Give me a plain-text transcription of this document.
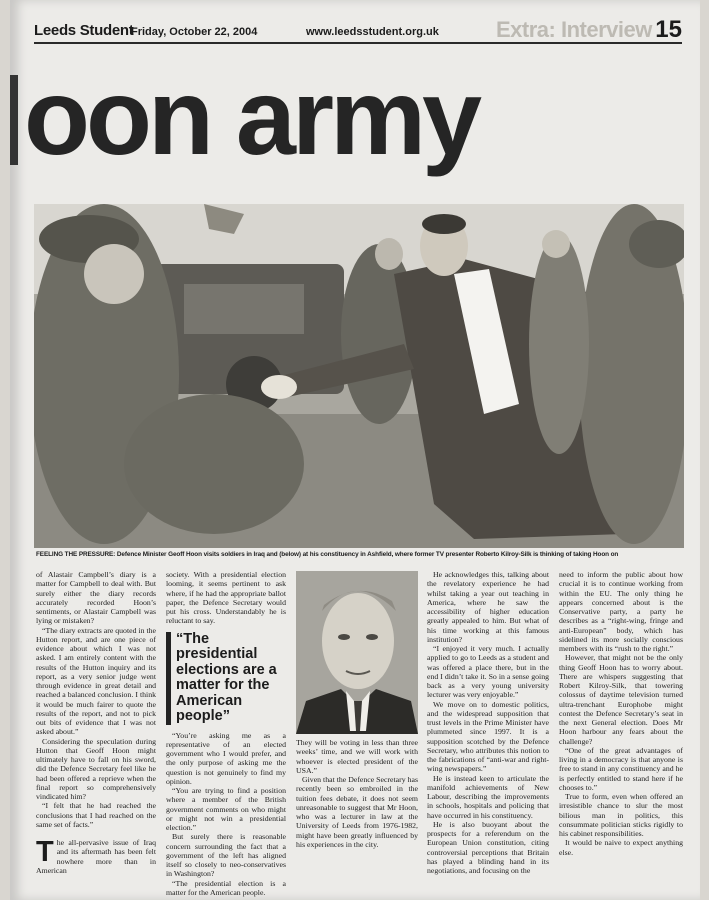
Leeds Student
Friday, October 22, 2004	www.leedsstudent.org.uk	Extra: Interview 15
oon army
FEELING THE PRESSURE: Defence Minister Geoff Hoon visits soldiers in Iraq and (below) at his constituency in Ashfield, where former TV presenter Roberto Kilroy-Silk is thinking of taking Hoon on

of Alastair Campbell’s diary is a matter for Campbell to deal with. But surely either the diary records accurately recorded Hoon’s sentiments, or Alastair Campbell was lying or mistaken?

“The diary extracts are quoted in the Hutton report, and are one piece of evidence about which I was not asked. I am entirely content with the results of the Hutton inquiry and its report, as a very senior judge went through evidence in great detail and reached a balanced conclusion. I think it would be much fairer to quote the results of the report, and not to pick out bits of evidence that I was not asked about.”

Considering the speculation during Hutton that Geoff Hoon might ultimately have to fall on his sword, did the Defence Secretary feel like he had been offered a reprieve when the final report so comprehensively vindicated him?

“I felt that he had reached the conclusions that I had reached on the same set of facts.”

The all-pervasive issue of Iraq and its aftermath has been felt nowhere more than in American

society. With a presidential election looming, it seems pertinent to ask where, if he had the appropriate ballot paper, the Defence Secretary would put his cross. Understandably he is reluctant to say.

“The presidential elections are a matter for the American people”

“You’re asking me as a representative of an elected government who I would prefer, and the only purpose of asking me the question is not genuinely to find my opinion.

“You are trying to find a position where a member of the British government comments on who might or might not win a presidential election.”

But surely there is reasonable concern surrounding the fact that a government of the left has aligned itself so closely to neo-conservatives in Washington?

“The presidential election is a matter for the American people.

They will be voting in less than three weeks’ time, and we will work with whoever is elected president of the USA.”

Given that the Defence Secretary has recently been so embroiled in the tuition fees debate, it does not seem unreasonable to suggest that Mr Hoon, who was a lecturer in law at the University of Leeds from 1976-1982, might have been greatly influenced by his experiences in the city.

He acknowledges this, talking about the revelatory experience he had whilst taking a year out teaching in America, where he saw the accessibility of higher education greatly appealed to him. But what of his time working at this famous institution?

“I enjoyed it very much. I actually applied to go to Leeds as a student and was offered a place there, but in the end I didn’t take it. So in a sense going back as a very young university lecturer was very enjoyable.”

We move on to domestic politics, and the widespread supposition that trust levels in the Prime Minister have plummeted since 1997. It is a supposition scotched by the Defence Secretary, who attributes this notion to the fabrications of “anti-war and right-wing newspapers.”

He is instead keen to articulate the manifold achievements of New Labour, describing the improvements in schools, hospitals and policing that have occurred in his constituency.

He is also buoyant about the prospects for a referendum on the European Union constitution, citing controversial perceptions that Britain has played a blinding hand in its negotiations, and focusing on the

need to inform the public about how crucial it is to continue working from within the EU. The only thing he appears concerned about is the Conservative party, a party he describes as a “right-wing, fringe and anti-European” body, which has sidelined its more socially conscious members with its “rush to the right.”

However, that might not be the only thing Geoff Hoon has to worry about. There are whispers suggesting that Robert Kilroy-Silk, that towering colossus of daytime television turned ultra-trenchant Europhobe might contest the Defence Secretary’s seat in the next General election. Does Mr Hoon harbour any fears about the challenge?

“One of the great advantages of living in a democracy is that anyone is free to stand in any constituency and he is perfectly entitled to stand here if he chooses to.”

True to form, even when offered an irresistible chance to slur the most bilious man in politics, this consummate politician sticks rigidly to his cabinet responsibilities.

It would be naive to expect anything else.
